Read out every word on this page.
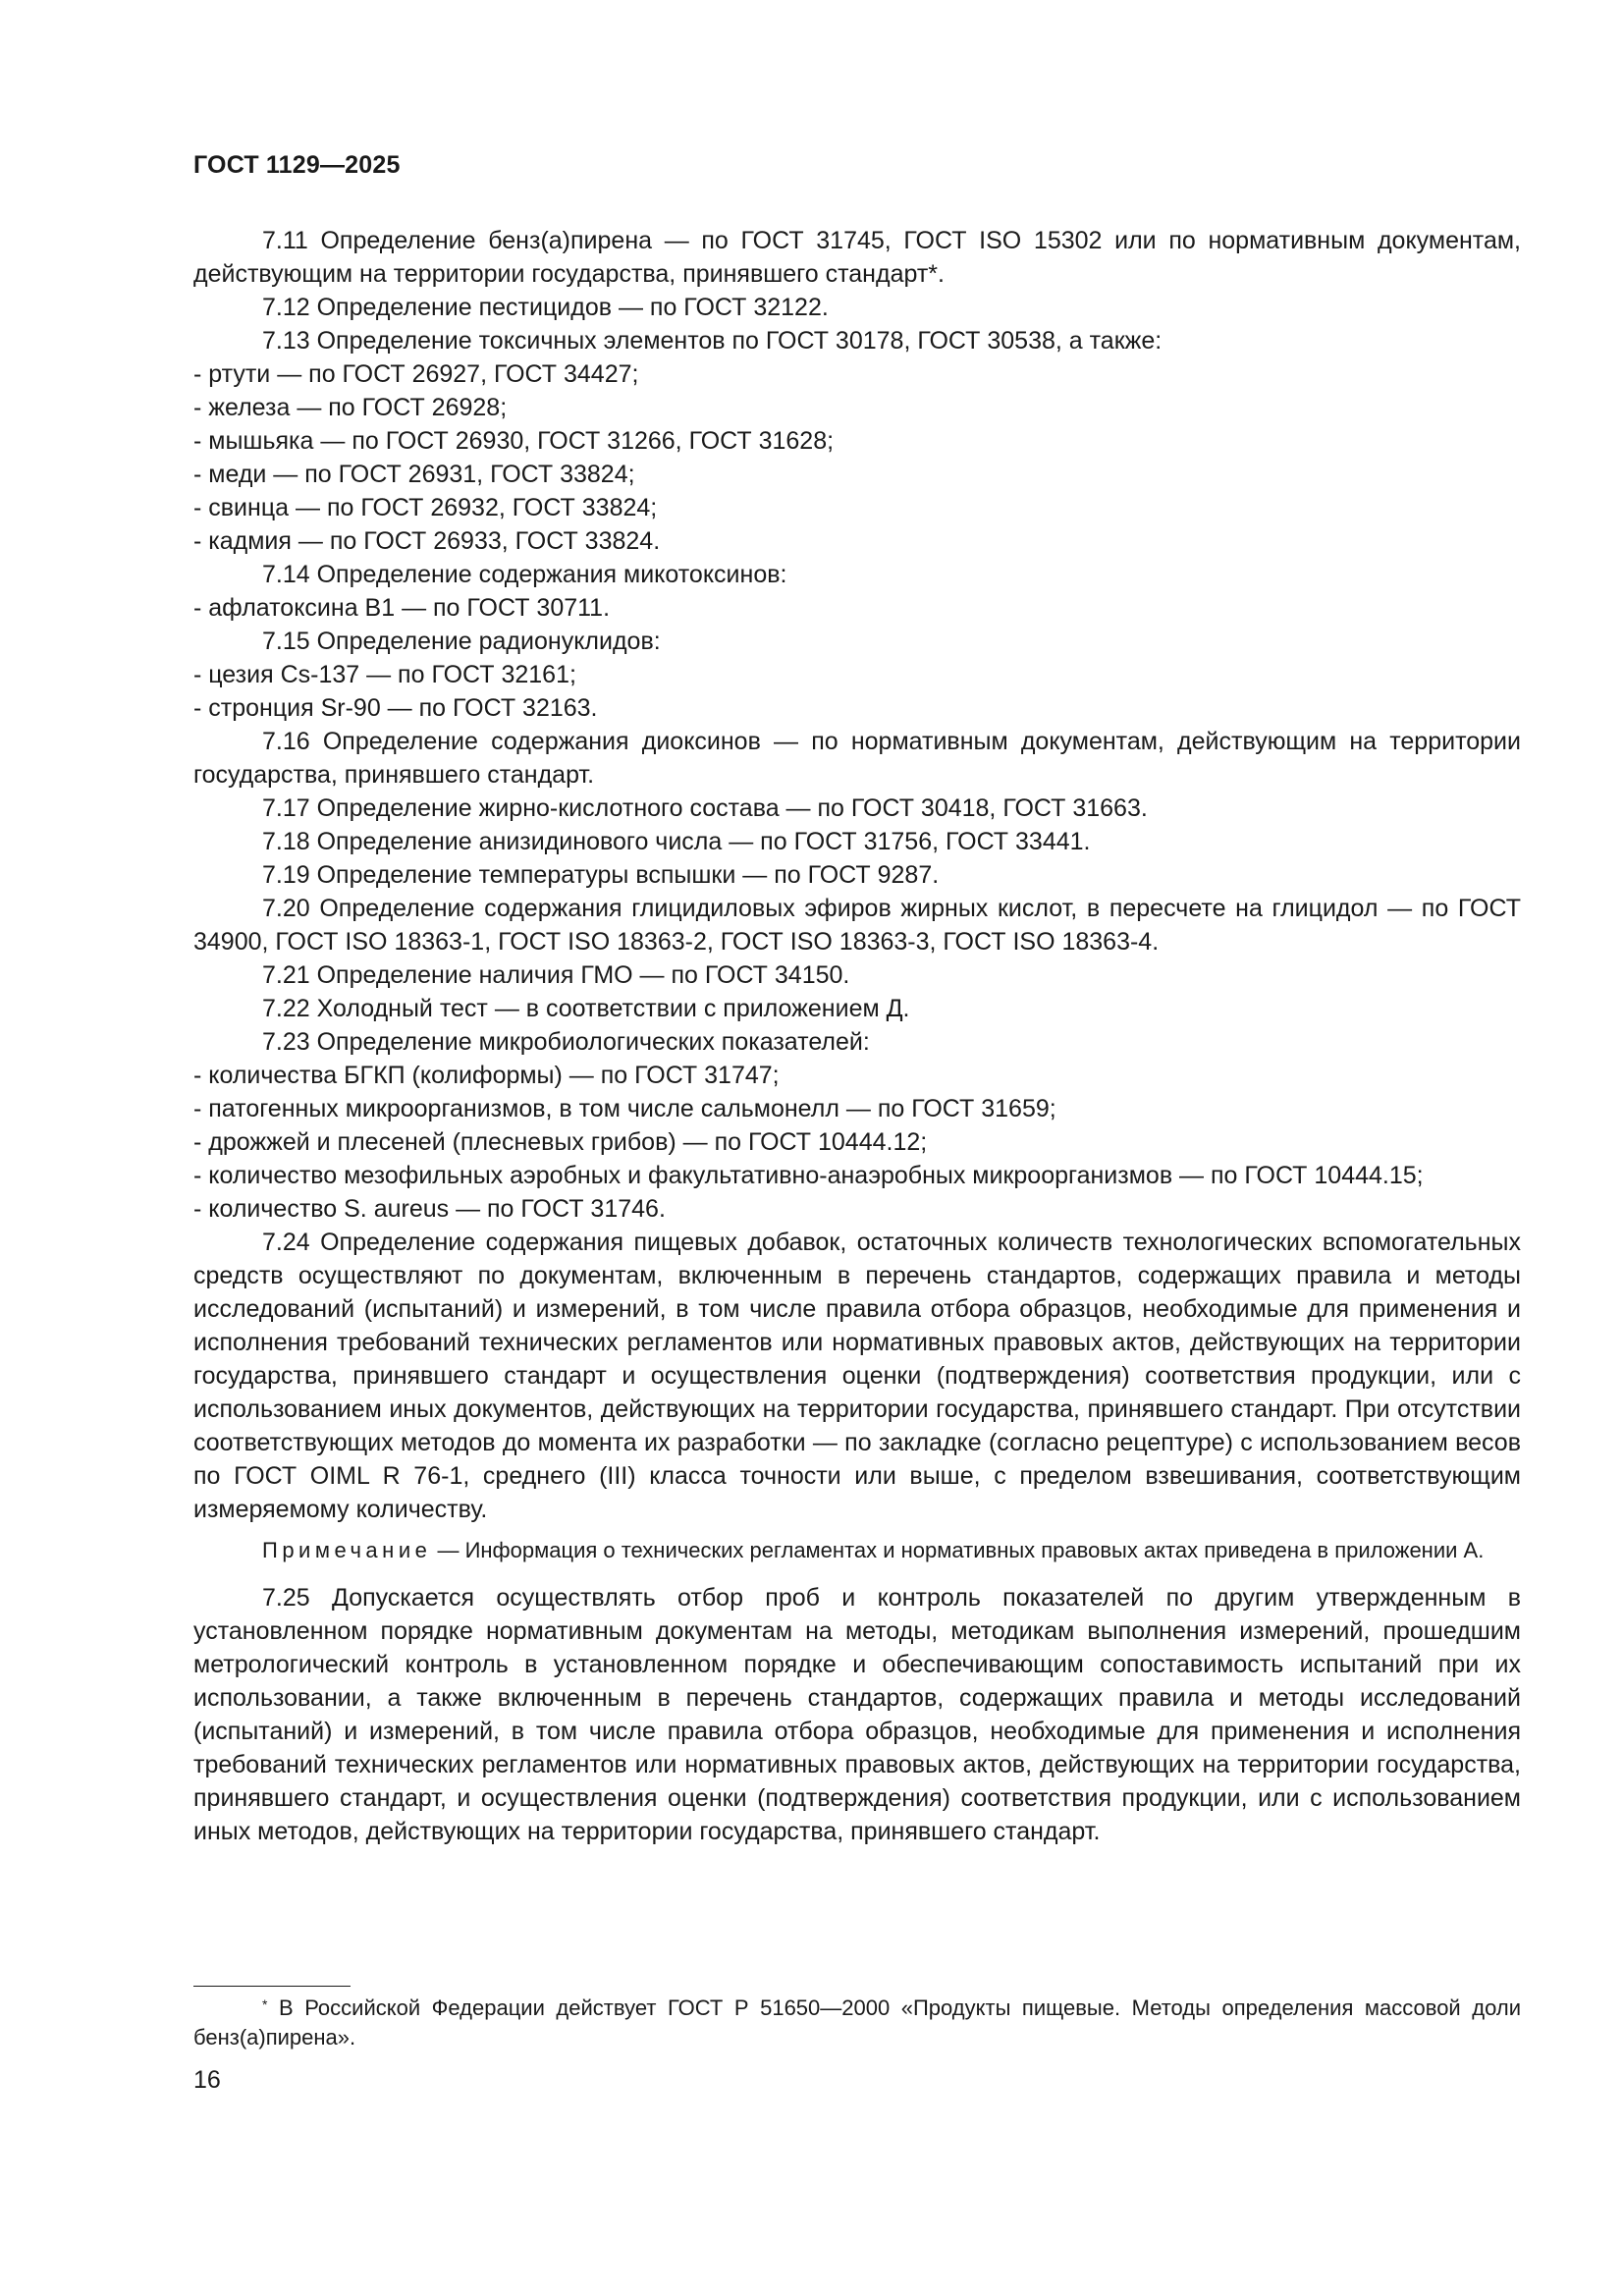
ГОСТ 1129—2025

7.11 Определение бенз(а)пирена — по ГОСТ 31745, ГОСТ ISO 15302 или по нормативным документам, действующим на территории государства, принявшего стандарт*.

7.12 Определение пестицидов — по ГОСТ 32122.

7.13 Определение токсичных элементов по ГОСТ 30178, ГОСТ 30538, а также:

- ртути — по ГОСТ 26927, ГОСТ 34427;

- железа — по ГОСТ 26928;

- мышьяка — по ГОСТ 26930, ГОСТ 31266, ГОСТ 31628;

- меди — по ГОСТ 26931, ГОСТ 33824;

- свинца — по ГОСТ 26932, ГОСТ 33824;

- кадмия — по ГОСТ 26933, ГОСТ 33824.

7.14 Определение содержания микотоксинов:

- афлатоксина B1 — по ГОСТ 30711.

7.15 Определение радионуклидов:

- цезия Cs-137 — по ГОСТ 32161;

- стронция Sr-90 — по ГОСТ 32163.

7.16 Определение содержания диоксинов — по нормативным документам, действующим на территории государства, принявшего стандарт.

7.17 Определение жирно-кислотного состава — по ГОСТ 30418, ГОСТ 31663.

7.18 Определение анизидинового числа — по ГОСТ 31756, ГОСТ 33441.

7.19 Определение температуры вспышки — по ГОСТ 9287.

7.20 Определение содержания глицидиловых эфиров жирных кислот, в пересчете на глицидол — по ГОСТ 34900, ГОСТ ISO 18363-1, ГОСТ ISO 18363-2, ГОСТ ISO 18363-3, ГОСТ ISO 18363-4.

7.21 Определение наличия ГМО — по ГОСТ 34150.

7.22 Холодный тест — в соответствии с приложением Д.

7.23 Определение микробиологических показателей:

- количества БГКП (колиформы) — по ГОСТ 31747;

- патогенных микроорганизмов, в том числе сальмонелл — по ГОСТ 31659;

- дрожжей и плесеней (плесневых грибов) — по ГОСТ 10444.12;

- количество мезофильных аэробных и факультативно-анаэробных микроорганизмов — по ГОСТ 10444.15;

- количество S. aureus — по ГОСТ 31746.

7.24 Определение содержания пищевых добавок, остаточных количеств технологических вспомогательных средств осуществляют по документам, включенным в перечень стандартов, содержащих правила и методы исследований (испытаний) и измерений, в том числе правила отбора образцов, необходимые для применения и исполнения требований технических регламентов или нормативных правовых актов, действующих на территории государства, принявшего стандарт и осуществления оценки (подтверждения) соответствия продукции, или с использованием иных документов, действующих на территории государства, принявшего стандарт. При отсутствии соответствующих методов до момента их разработки — по закладке (согласно рецептуре) с использованием весов по ГОСТ OIML R 76-1, среднего (III) класса точности или выше, с пределом взвешивания, соответствующим измеряемому количеству.

Примечание — Информация о технических регламентах и нормативных правовых актах приведена в приложении А.

7.25 Допускается осуществлять отбор проб и контроль показателей по другим утвержденным в установленном порядке нормативным документам на методы, методикам выполнения измерений, прошедшим метрологический контроль в установленном порядке и обеспечивающим сопоставимость испытаний при их использовании, а также включенным в перечень стандартов, содержащих правила и методы исследований (испытаний) и измерений, в том числе правила отбора образцов, необходимые для применения и исполнения требований технических регламентов или нормативных правовых актов, действующих на территории государства, принявшего стандарт, и осуществления оценки (подтверждения) соответствия продукции, или с использованием иных методов, действующих на территории государства, принявшего стандарт.

* В Российской Федерации действует ГОСТ Р 51650—2000 «Продукты пищевые. Методы определения массовой доли бенз(а)пирена».
16
